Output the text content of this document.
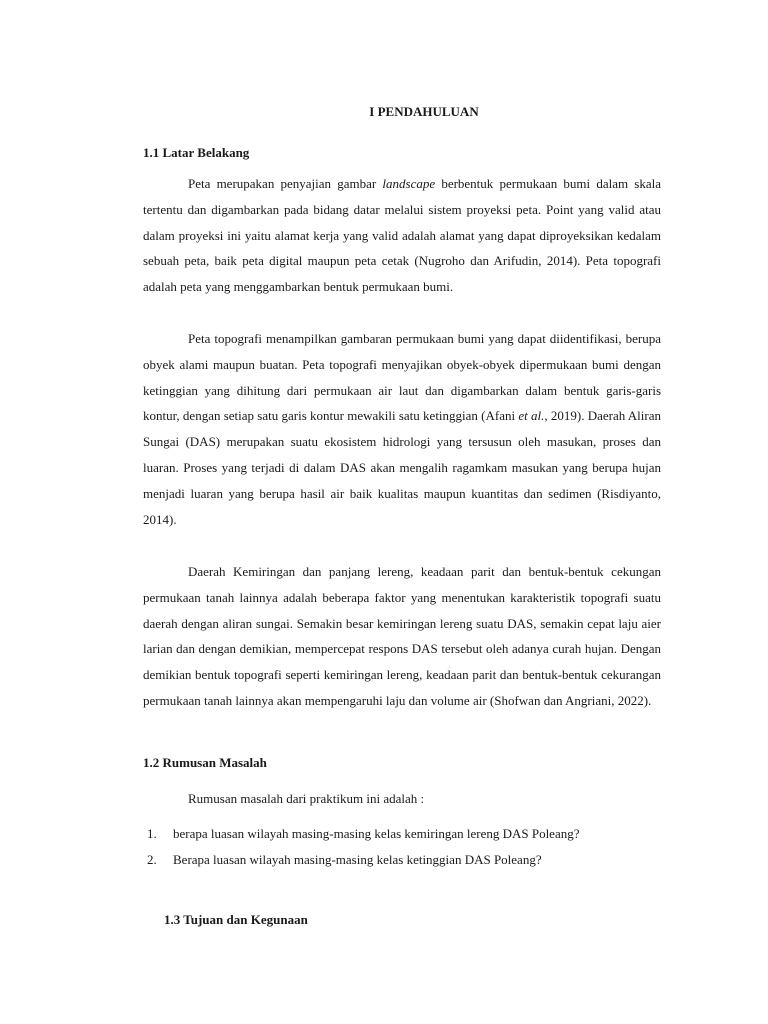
I PENDAHULUAN
1.1 Latar Belakang

Peta merupakan penyajian gambar landscape berbentuk permukaan bumi dalam skala tertentu dan digambarkan pada bidang datar melalui sistem proyeksi peta. Point yang valid atau dalam proyeksi ini yaitu alamat kerja yang valid adalah alamat yang dapat diproyeksikan kedalam sebuah peta, baik peta digital maupun peta cetak (Nugroho dan Arifudin, 2014). Peta topografi adalah peta yang menggambarkan bentuk permukaan bumi.

Peta topografi menampilkan gambaran permukaan bumi yang dapat diidentifikasi, berupa obyek alami maupun buatan. Peta topografi menyajikan obyek-obyek dipermukaan bumi dengan ketinggian yang dihitung dari permukaan air laut dan digambarkan dalam bentuk garis-garis kontur, dengan setiap satu garis kontur mewakili satu ketinggian (Afani et al., 2019). Daerah Aliran Sungai (DAS) merupakan suatu ekosistem hidrologi yang tersusun oleh masukan, proses dan luaran. Proses yang terjadi di dalam DAS akan mengalih ragamkam masukan yang berupa hujan menjadi luaran yang berupa hasil air baik kualitas maupun kuantitas dan sedimen (Risdiyanto, 2014).

Daerah Kemiringan dan panjang lereng, keadaan parit dan bentuk-bentuk cekungan permukaan tanah lainnya adalah beberapa faktor yang menentukan karakteristik topografi suatu daerah dengan aliran sungai. Semakin besar kemiringan lereng suatu DAS, semakin cepat laju aier larian dan dengan demikian, mempercepat respons DAS tersebut oleh adanya curah hujan. Dengan demikian bentuk topografi seperti kemiringan lereng, keadaan parit dan bentuk-bentuk cekurangan permukaan tanah lainnya akan mempengaruhi laju dan volume air (Shofwan dan Angriani, 2022).

1.2 Rumusan Masalah

Rumusan masalah dari praktikum ini adalah :

1. berapa luasan wilayah masing-masing kelas kemiringan lereng DAS Poleang?
2. Berapa luasan wilayah masing-masing kelas ketinggian DAS Poleang?
1.3 Tujuan dan Kegunaan
